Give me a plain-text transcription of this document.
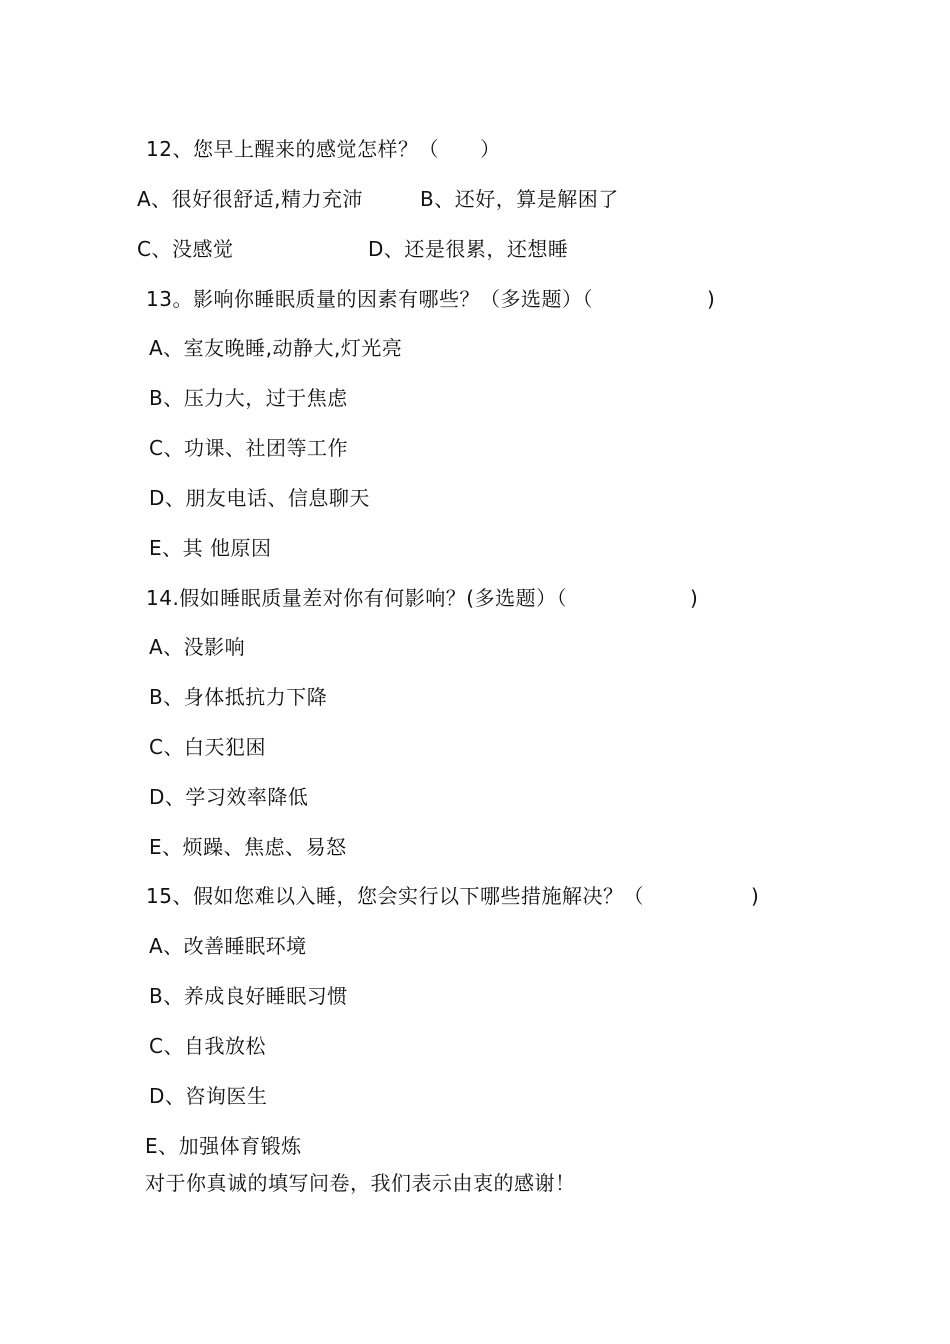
12、您早上醒来的感觉怎样？（      ）
A、很好很舒适,精力充沛	B、还好，算是解困了
C、没感觉	D、还是很累，还想睡
13。影响你睡眠质量的因素有哪些？（多选题）（	)
A、室友晚睡,动静大,灯光亮
B、压力大，过于焦虑
C、功课、社团等工作
D、朋友电话、信息聊天
E、其 他原因
14.假如睡眠质量差对你有何影响？(多选题）（	)
A、没影响
B、身体抵抗力下降
C、白天犯困
D、学习效率降低
E、烦躁、焦虑、易怒
15、假如您难以入睡，您会实行以下哪些措施解决？（	)
A、改善睡眠环境
B、养成良好睡眠习惯
C、自我放松
D、咨询医生
E、加强体育锻炼
对于你真诚的填写问卷，我们表示由衷的感谢！
